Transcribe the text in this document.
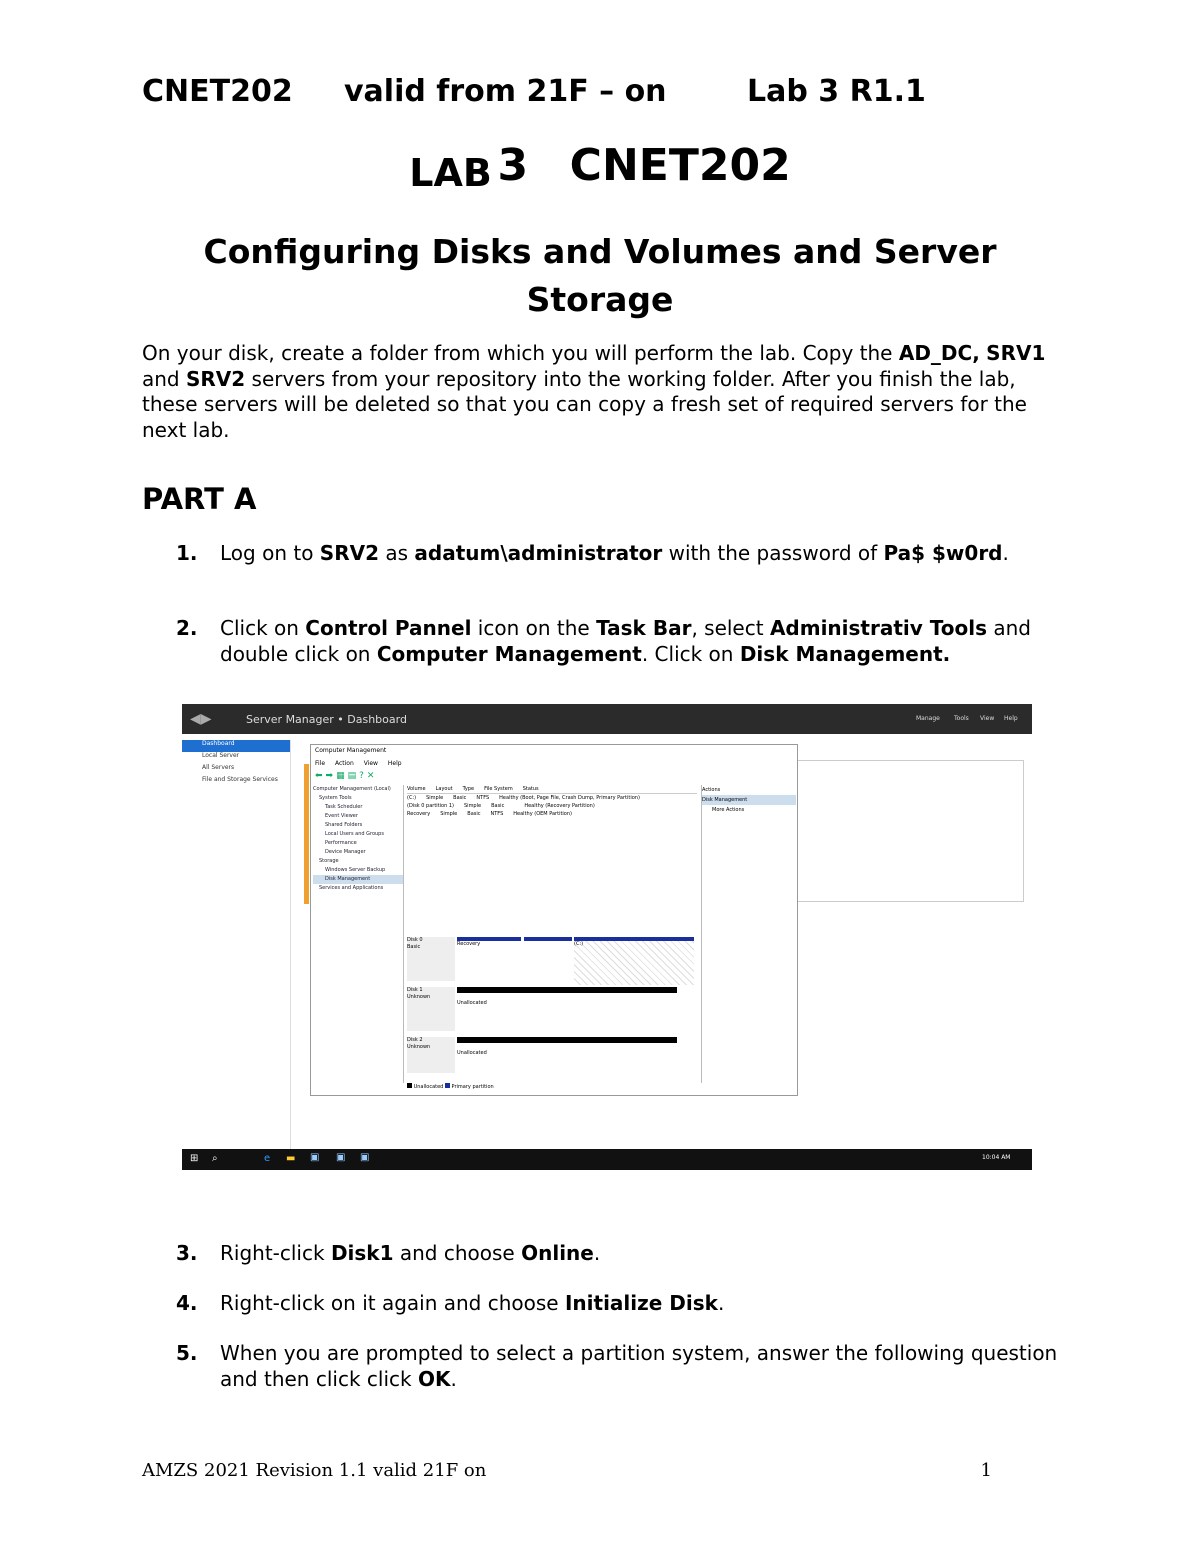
CNET202

valid from 21F – on

	Lab 3 R1.1

LAB 3 CNET202
Configuring Disks and Volumes and Server Storage
On your disk, create a folder from which you will perform the lab. Copy the AD_DC, SRV1 and SRV2 servers from your repository into the working folder. After you finish the lab, these servers will be deleted so that you can copy a fresh set of required servers for the next lab.
PART A
1. Log on to SRV2 as adatum\administrator with the password of Pa$ $w0rd.
2. Click on Control Pannel icon on the Task Bar, select Administrativ Tools and double click on Computer Management. Click on Disk Management.
◀▶	Server Manager • Dashboard	Manage Tools View Help
Dashboard
Local Server
All Servers
File and Storage Services
Computer Management
File Action View Help
⬅➡▦▤?✕
Computer Management (Local)
System Tools
Task Scheduler
Event Viewer
Shared Folders
Local Users and Groups
Performance
Device Manager
Storage
Windows Server Backup
Disk Management
Services and Applications
Volume Layout Type File System Status
(C:) Simple Basic NTFS Healthy (Boot, Page File, Crash Dump, Primary Partition)
(Disk 0 partition 1) Simple Basic	Healthy (Recovery Partition)
Recovery Simple Basic NTFS Healthy (OEM Partition)
Actions
Disk Management
More Actions
Disk 0
Basic	Recovery	(C:)
Disk 1
Unknown

Unallocated
Disk 2
Unknown

Unallocated
Unallocated Primary partition
⊞ ⌕	e ▬ ▣ ▣ ▣	10:04 AM
3. Right-click Disk1 and choose Online.
4. Right-click on it again and choose Initialize Disk.
5. When you are prompted to select a partition system, answer the following question and then click click OK.
AMZS 2021 Revision 1.1 valid 21F on	1
